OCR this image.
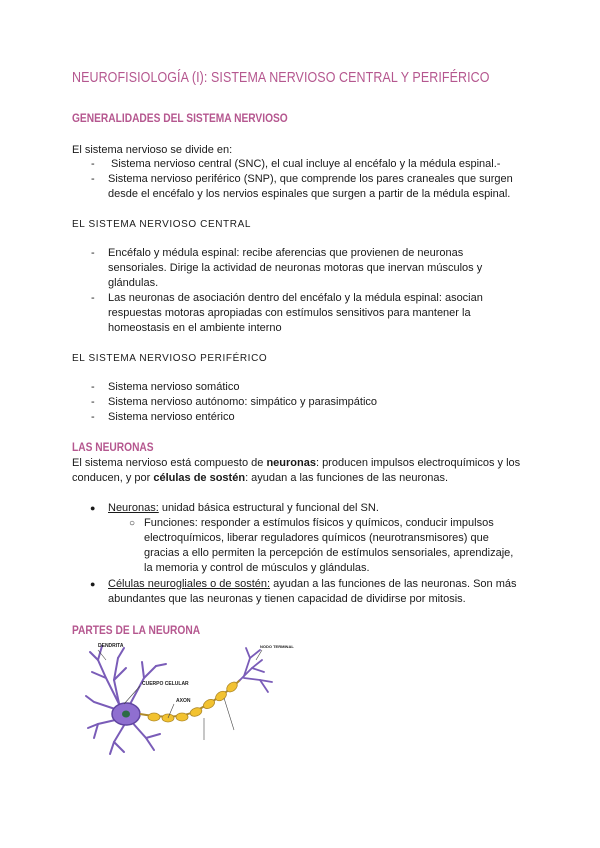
NEUROFISIOLOGÍA (I): SISTEMA NERVIOSO CENTRAL Y PERIFÉRICO
GENERALIDADES DEL SISTEMA NERVIOSO
El sistema nervioso se divide en:
- Sistema nervioso central (SNC), el cual incluye al encéfalo y la médula espinal.-
- Sistema nervioso periférico (SNP), que comprende los pares craneales que surgen
desde el encéfalo y los nervios espinales que surgen a partir de la médula espinal.
EL SISTEMA NERVIOSO CENTRAL
- Encéfalo y médula espinal: recibe aferencias que provienen de neuronas
sensoriales. Dirige la actividad de neuronas motoras que inervan músculos y
glándulas.
- Las neuronas de asociación dentro del encéfalo y la médula espinal: asocian
respuestas motoras apropiadas con estímulos sensitivos para mantener la
homeostasis en el ambiente interno
EL SISTEMA NERVIOSO PERIFÉRICO
- Sistema nervioso somático
- Sistema nervioso autónomo: simpático y parasimpático
- Sistema nervioso entérico
LAS NEURONAS
El sistema nervioso está compuesto de neuronas: producen impulsos electroquímicos y los
conducen, y por células de sostén: ayudan a las funciones de las neuronas.
● Neuronas: unidad básica estructural y funcional del SN.
○ Funciones: responder a estímulos físicos y químicos, conducir impulsos
electroquímicos, liberar reguladores químicos (neurotransmisores) que
gracias a ello permiten la percepción de estímulos sensoriales, aprendizaje,
la memoria y control de músculos y glándulas.
● Células neurogliales o de sostén: ayudan a las funciones de las neuronas. Son más
abundantes que las neuronas y tienen capacidad de dividirse por mitosis.
PARTES DE LA NEURONA
DENDRITA
CUERPO CELULAR
AXON
NODO TERMINAL
